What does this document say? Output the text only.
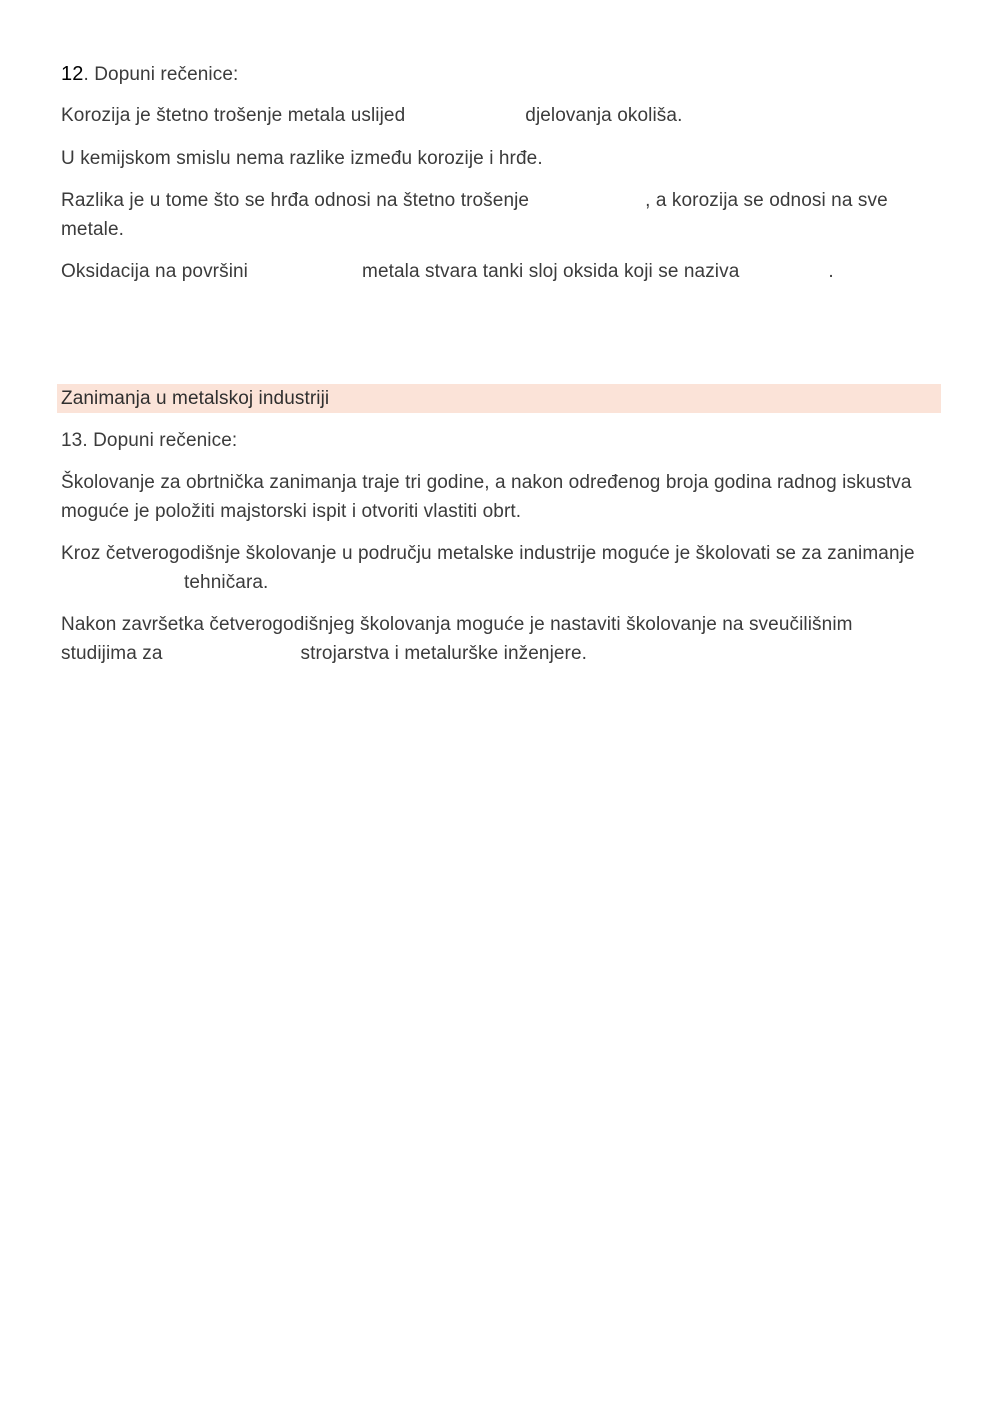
12. Dopuni rečenice:
Korozija je štetno trošenje metala uslijed	djelovanja okoliša.
U kemijskom smislu nema razlike između korozije i hrđe.
Razlika je u tome što se hrđa odnosi na štetno trošenje	, a korozija se odnosi na sve
metale.
Oksidacija na površini	metala stvara tanki sloj oksida koji se naziva	.
Zanimanja u metalskoj industriji
13. Dopuni rečenice:
Školovanje za obrtnička zanimanja traje tri godine, a nakon određenog broja godina radnog iskustva
moguće je položiti majstorski ispit i otvoriti vlastiti obrt.
Kroz četverogodišnje školovanje u području metalske industrije moguće je školovati se za zanimanje
tehničara.
Nakon završetka četverogodišnjeg školovanja moguće je nastaviti školovanje na sveučilišnim
studijima za	strojarstva i metalurške inženjere.
